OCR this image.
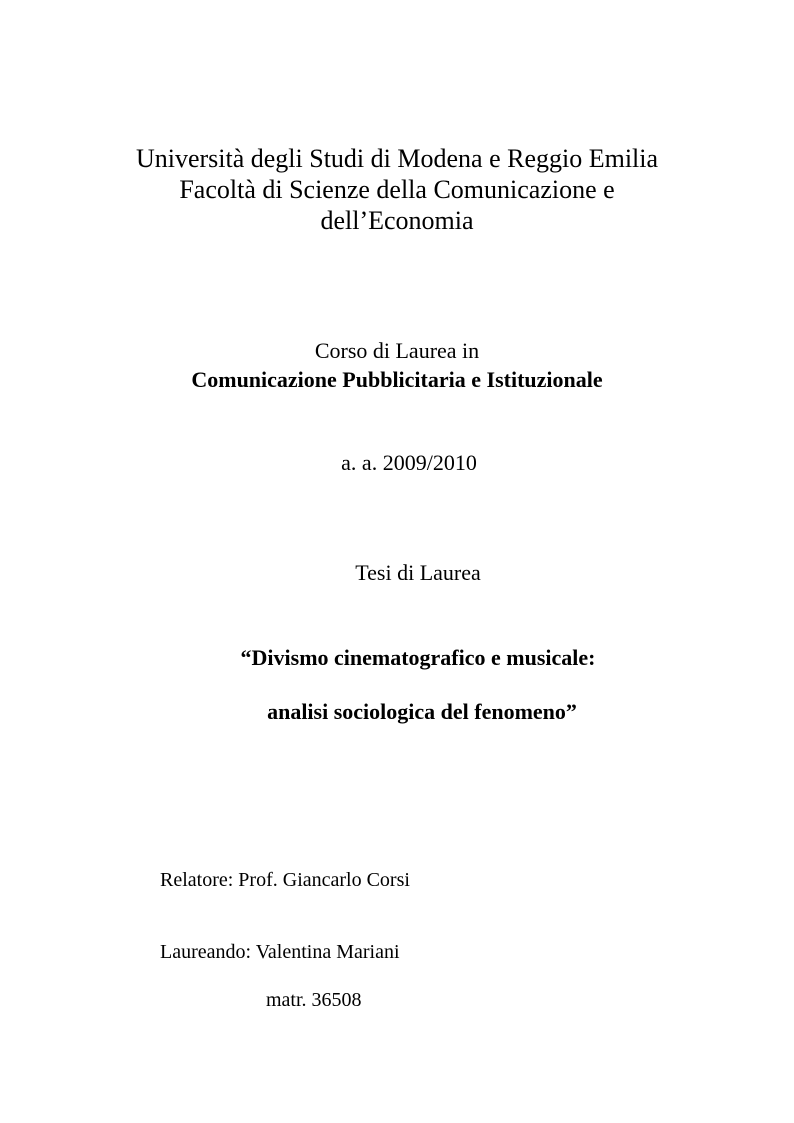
Università degli Studi di Modena e Reggio Emilia
Facoltà di Scienze della Comunicazione e
dell’Economia
Corso di Laurea in
Comunicazione Pubblicitaria e Istituzionale
a. a. 2009/2010
Tesi di Laurea
“Divismo cinematografico e musicale:
analisi sociologica del fenomeno”
Relatore: Prof. Giancarlo Corsi
Laureando: Valentina Mariani
matr. 36508
